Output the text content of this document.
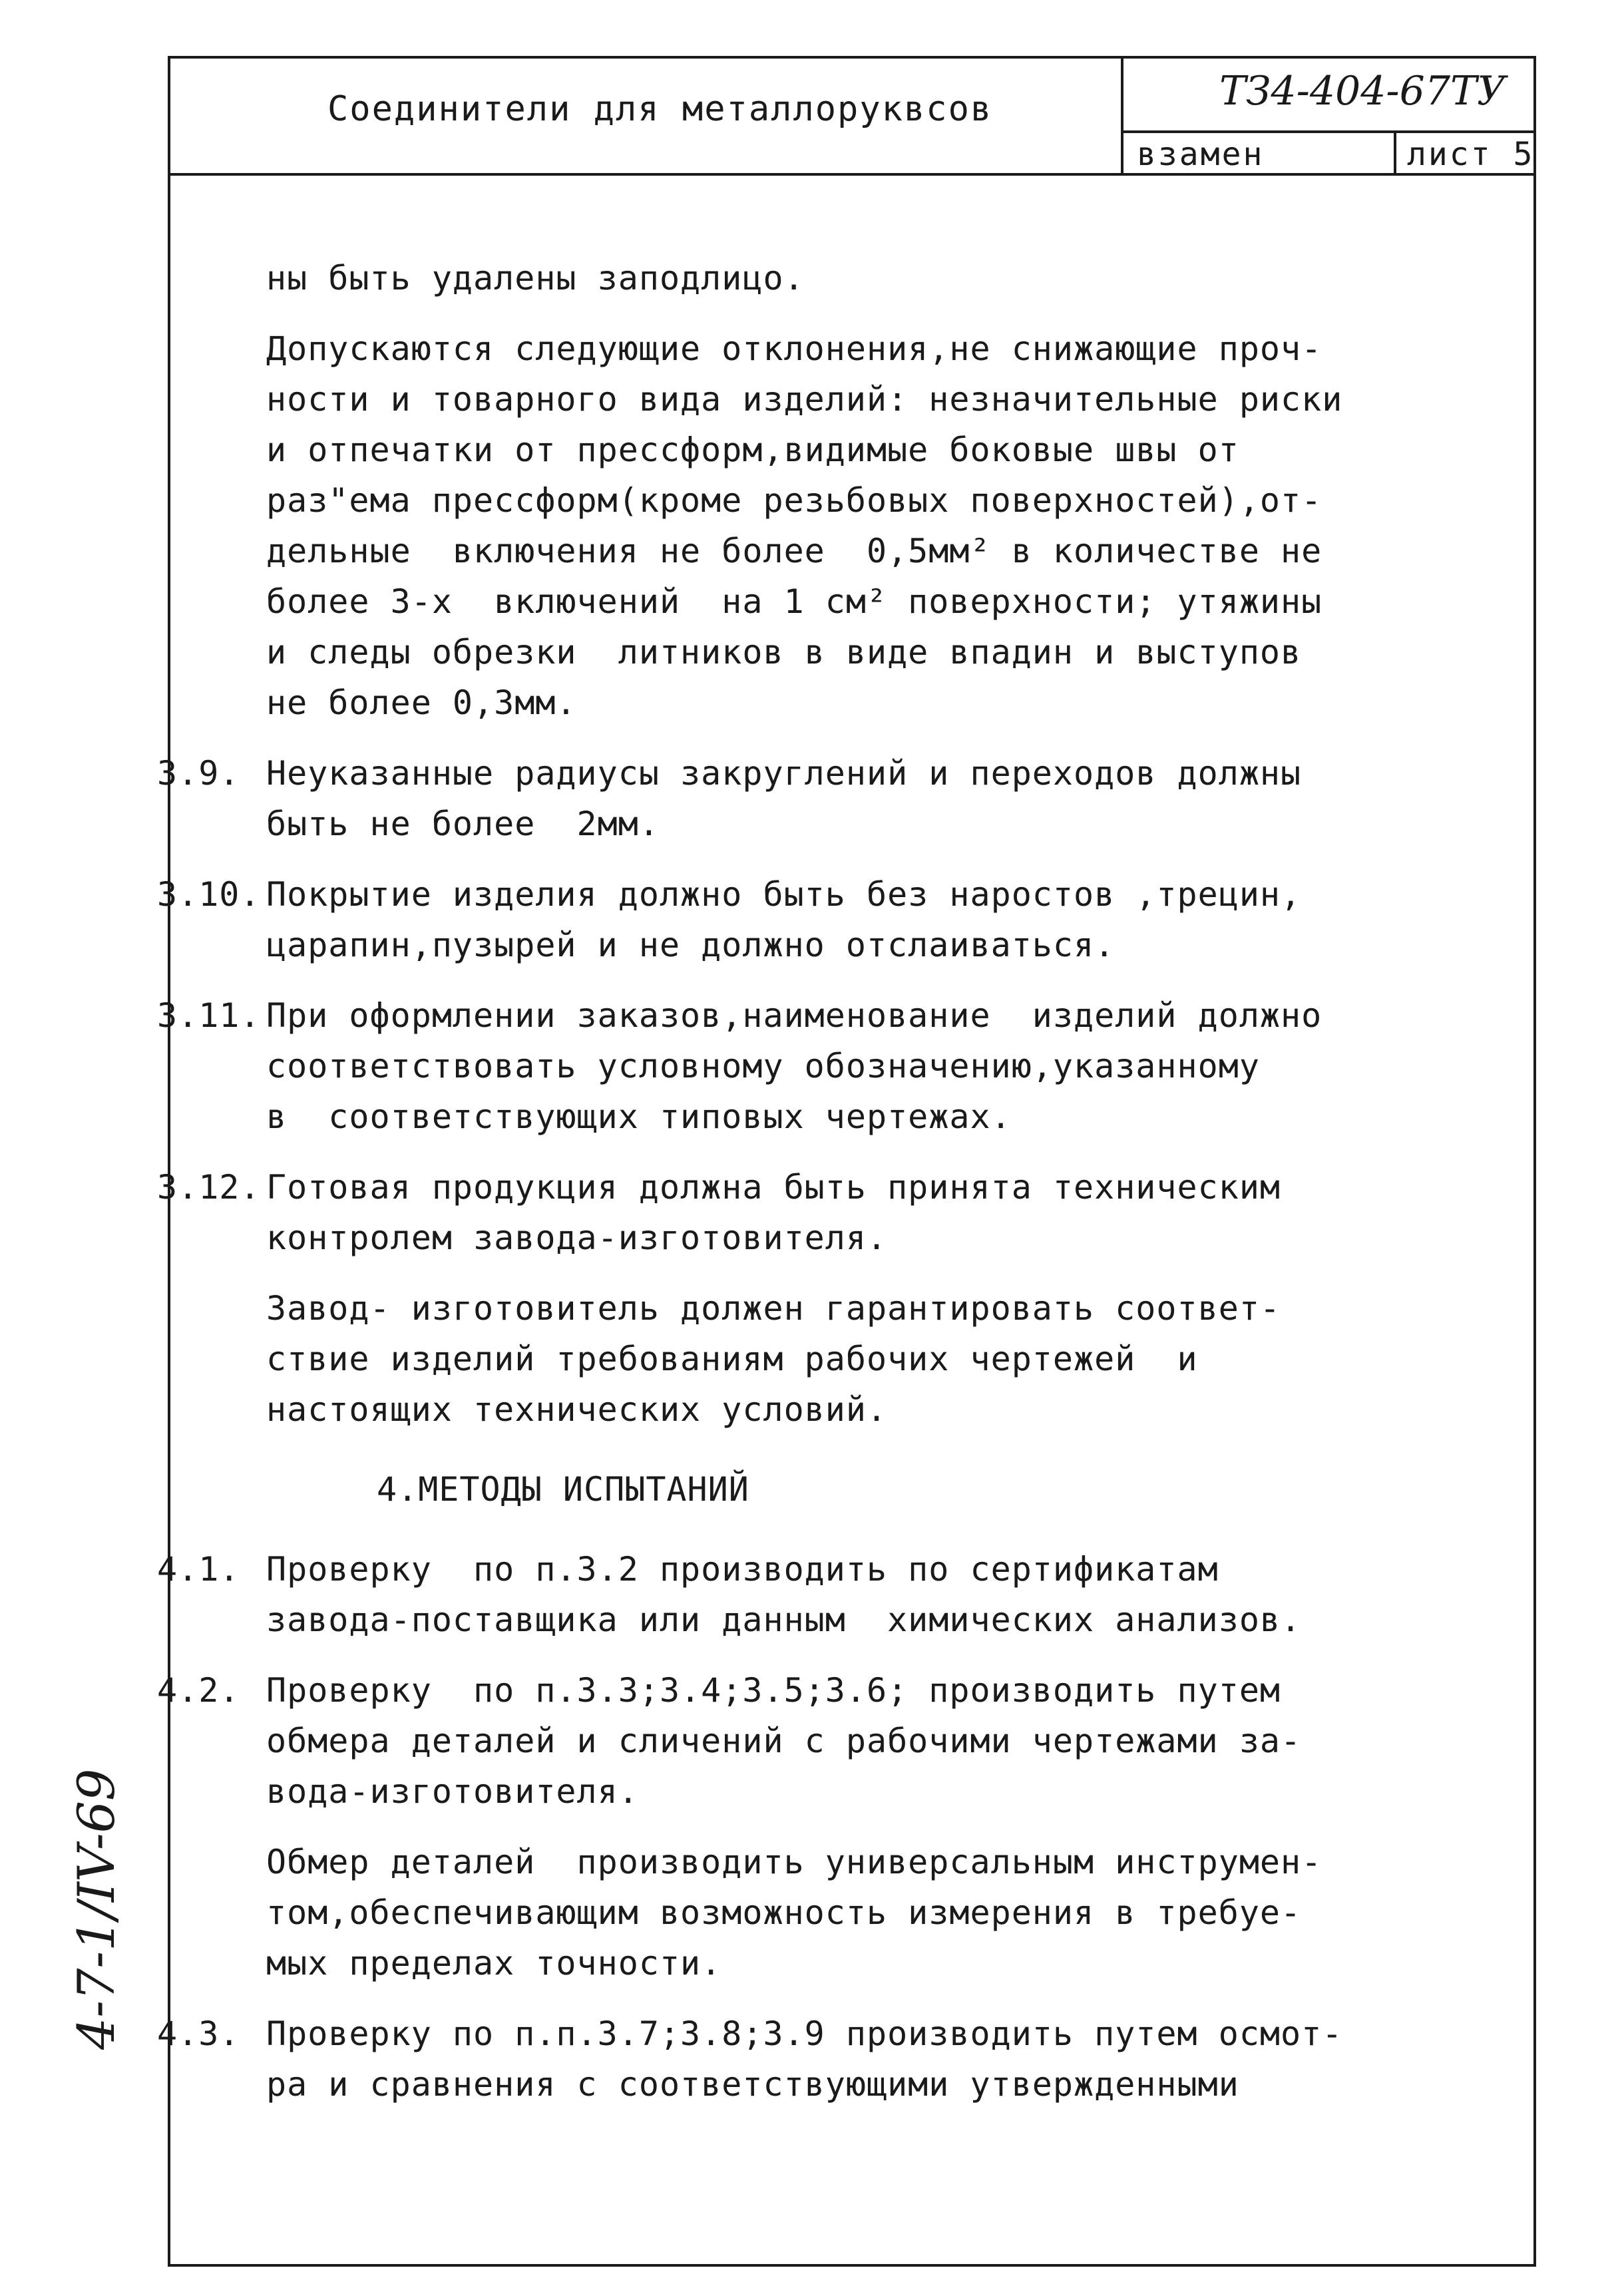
Соединители для металлоруквсов	ТЗ4-404-67ТУ
взамен	лист 5

ны быть удалены заподлицо.

Допускаются следующие отклонения,не снижающие проч-

ности и товарного вида изделий: незначительные риски

и отпечатки от прессформ,видимые боковые швы от

раз"ема прессформ(кроме резьбовых поверхностей),от-

дельные  включения не более  0,5мм² в количестве не

более 3-х  включений  на 1 см² поверхности; утяжины

и следы обрезки  литников в виде впадин и выступов

не более 0,3мм.

3.9. Неуказанные радиусы закруглений и переходов должны

быть не более  2мм.

3.10. Покрытие изделия должно быть без наростов ,трецин,

царапин,пузырей и не должно отслаиваться.

3.11. При оформлении заказов,наименование  изделий должно

соответствовать условному обозначению,указанному

в  соответствующих типовых чертежах.

3.12. Готовая продукция должна быть принята техническим

контролем завода-изготовителя.

Завод- изготовитель должен гарантировать соответ-

ствие изделий требованиям рабочих чертежей  и

настоящих технических условий.

4.МЕТОДЫ ИСПЫТАНИЙ

4.1. Проверку  по п.3.2 производить по сертификатам

завода-поставщика или данным  химических анализов.

4.2. Проверку  по п.3.3;3.4;3.5;3.6; производить путем

обмера деталей и сличений с рабочими чертежами за-

вода-изготовителя.

Обмер деталей  производить универсальным инструмен-

том,обеспечивающим возможность измерения в требуе-

мых пределах точности.

4.3. Проверку по п.п.3.7;3.8;3.9 производить путем осмот-

ра и сравнения с соответствующими утвержденными

4-7-1/IV-69
